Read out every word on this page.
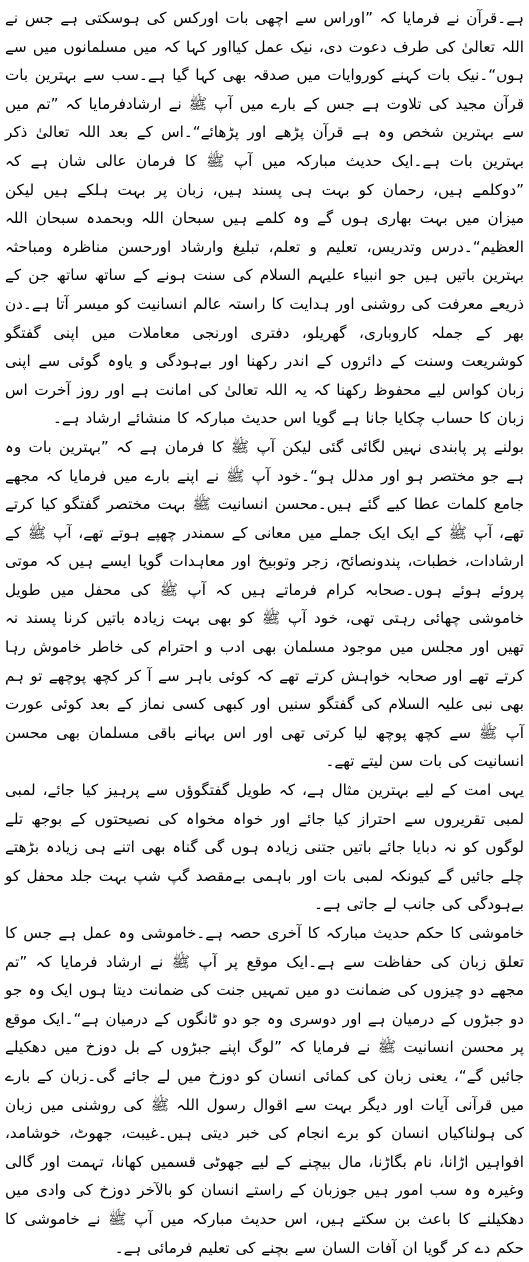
ہے۔قرآن نے فرمایا کہ ”اوراس سے اچھی بات اورکس کی ہوسکتی ہے جس نے اللہ تعالیٰ کی طرف دعوت دی، نیک عمل کیااور کہا کہ میں مسلمانوں میں سے ہوں“۔نیک بات کہنے کوروایات میں صدقہ بھی کہا گیا ہے۔سب سے بہترین بات قرآن مجید کی تلاوت ہے جس کے بارے میں آپ ﷺ نے ارشادفرمایا کہ ”تم میں سے بہترین شخص وہ ہے قرآن پڑھے اور پڑھائے“۔اس کے بعد اللہ تعالیٰ ذکر بہترین بات ہے۔ایک حدیث مبارکہ میں آپ ﷺ کا فرمان عالی شان ہے کہ ”دوکلمے ہیں، رحمان کو بہت ہی پسند ہیں، زبان پر بہت ہلکے ہیں لیکن میزان میں بہت بھاری ہوں گے وہ کلمے ہیں سبحان اللہ وبحمدہ سبحان اللہ العظیم“۔درس وتدریس، تعلیم و تعلم، تبلیغ وارشاد اورحسن مناظرہ ومباحثہ بہترین باتیں ہیں جو انبیاء علیہم السلام کی سنت ہونے کے ساتھ ساتھ جن کے ذریعے معرفت کی روشنی اور ہدایت کا راستہ عالم انسانیت کو میسر آتا ہے۔دن بھر کے جملہ کاروباری، گھریلو، دفتری اورنجی معاملات میں اپنی گفتگو کوشریعت وسنت کے دائروں کے اندر رکھنا اور بےہودگی و یاوہ گوئی سے اپنی زبان کواس لیے محفوظ رکھنا کہ یہ اللہ تعالیٰ کی امانت ہے اور روز آخرت اس زبان کا حساب چکایا جانا ہے گویا اس حدیث مبارکہ کا منشائے ارشاد ہے۔

بولنے پر پابندی نہیں لگائی گئی لیکن آپ ﷺ کا فرمان ہے کہ ”بہترین بات وہ ہے جو مختصر ہو اور مدلل ہو“۔خود آپ ﷺ نے اپنے بارے میں فرمایا کہ مجھے جامع کلمات عطا کیے گئے ہیں۔محسن انسانیت ﷺ بہت مختصر گفتگو کیا کرتے تھے، آپ ﷺ کے ایک ایک جملے میں معانی کے سمندر چھپے ہوتے تھے، آپ ﷺ کے ارشادات، خطبات، پندونصائح، زجر وتوبیخ اور معاہدات گویا ایسے ہیں کہ موتی پروئے ہوئے ہوں۔صحابہ کرام فرماتے ہیں کہ آپ ﷺ کی محفل میں طویل خاموشی چھائی رہتی تھی، خود آپ ﷺ کو بھی بہت زیادہ باتیں کرنا پسند نہ تھیں اور مجلس میں موجود مسلمان بھی ادب و احترام کی خاطر خاموش رہا کرتے تھے اور صحابہ خواہش کرتے تھے کہ کوئی باہر سے آ کر کچھ پوچھے تو ہم بھی نبی علیہ السلام کی گفتگو سنیں اور کبھی کسی نماز کے بعد کوئی عورت آپ ﷺ سے کچھ پوچھ لیا کرتی تھی اور اس بہانے باقی مسلمان بھی محسن انسانیت کی بات سن لیتے تھے۔

یہی امت کے لیے بہترین مثال ہے، کہ طویل گفتگوؤں سے پرہیز کیا جائے، لمبی لمبی تقریروں سے احتراز کیا جائے اور خواہ مخواہ کی نصیحتوں کے بوجھ تلے لوگوں کو نہ دبایا جائے باتیں جتنی زیادہ ہوں گی گناہ بھی اتنے ہی زیادہ بڑھتے چلے جائیں گے کیونکہ لمبی بات اور باہمی بےمقصد گپ شپ بہت جلد محفل کو بےہودگی کی جانب لے جاتی ہے۔

خاموشی کا حکم حدیث مبارکہ کا آخری حصہ ہے۔خاموشی وہ عمل ہے جس کا تعلق زبان کی حفاظت سے ہے۔ایک موقع پر آپ ﷺ نے ارشاد فرمایا کہ ”تم مجھے دو چیزوں کی ضمانت دو میں تمہیں جنت کی ضمانت دیتا ہوں ایک وہ جو دو جبڑوں کے درمیان ہے اور دوسری وہ جو دو ٹانگوں کے درمیان ہے“۔ایک موقع پر محسن انسانیت ﷺ نے فرمایا کہ ”لوگ اپنے جبڑوں کے بل دوزخ میں دھکیلے جائیں گے“، یعنی زبان کی کمائی انسان کو دوزخ میں لے جائے گی۔زبان کے بارے میں قرآنی آیات اور دیگر بہت سے اقوال رسول اللہ ﷺ کی روشنی میں زبان کی ہولناکیاں انسان کو برے انجام کی خبر دیتی ہیں۔غیبت، جھوٹ، خوشامد، افواہیں اڑانا، نام بگاڑنا، مال بیچنے کے لیے جھوٹی قسمیں کھانا، تہمت اور گالی وغیرہ وہ سب امور ہیں جوزبان کے راستے انسان کو بالآخر دوزخ کی وادی میں دھکیلنے کا باعث بن سکتے ہیں، اس حدیث مبارکہ میں آپ ﷺ نے خاموشی کا حکم دے کر گویا ان آفات السان سے بچنے کی تعلیم فرمائی ہے۔
